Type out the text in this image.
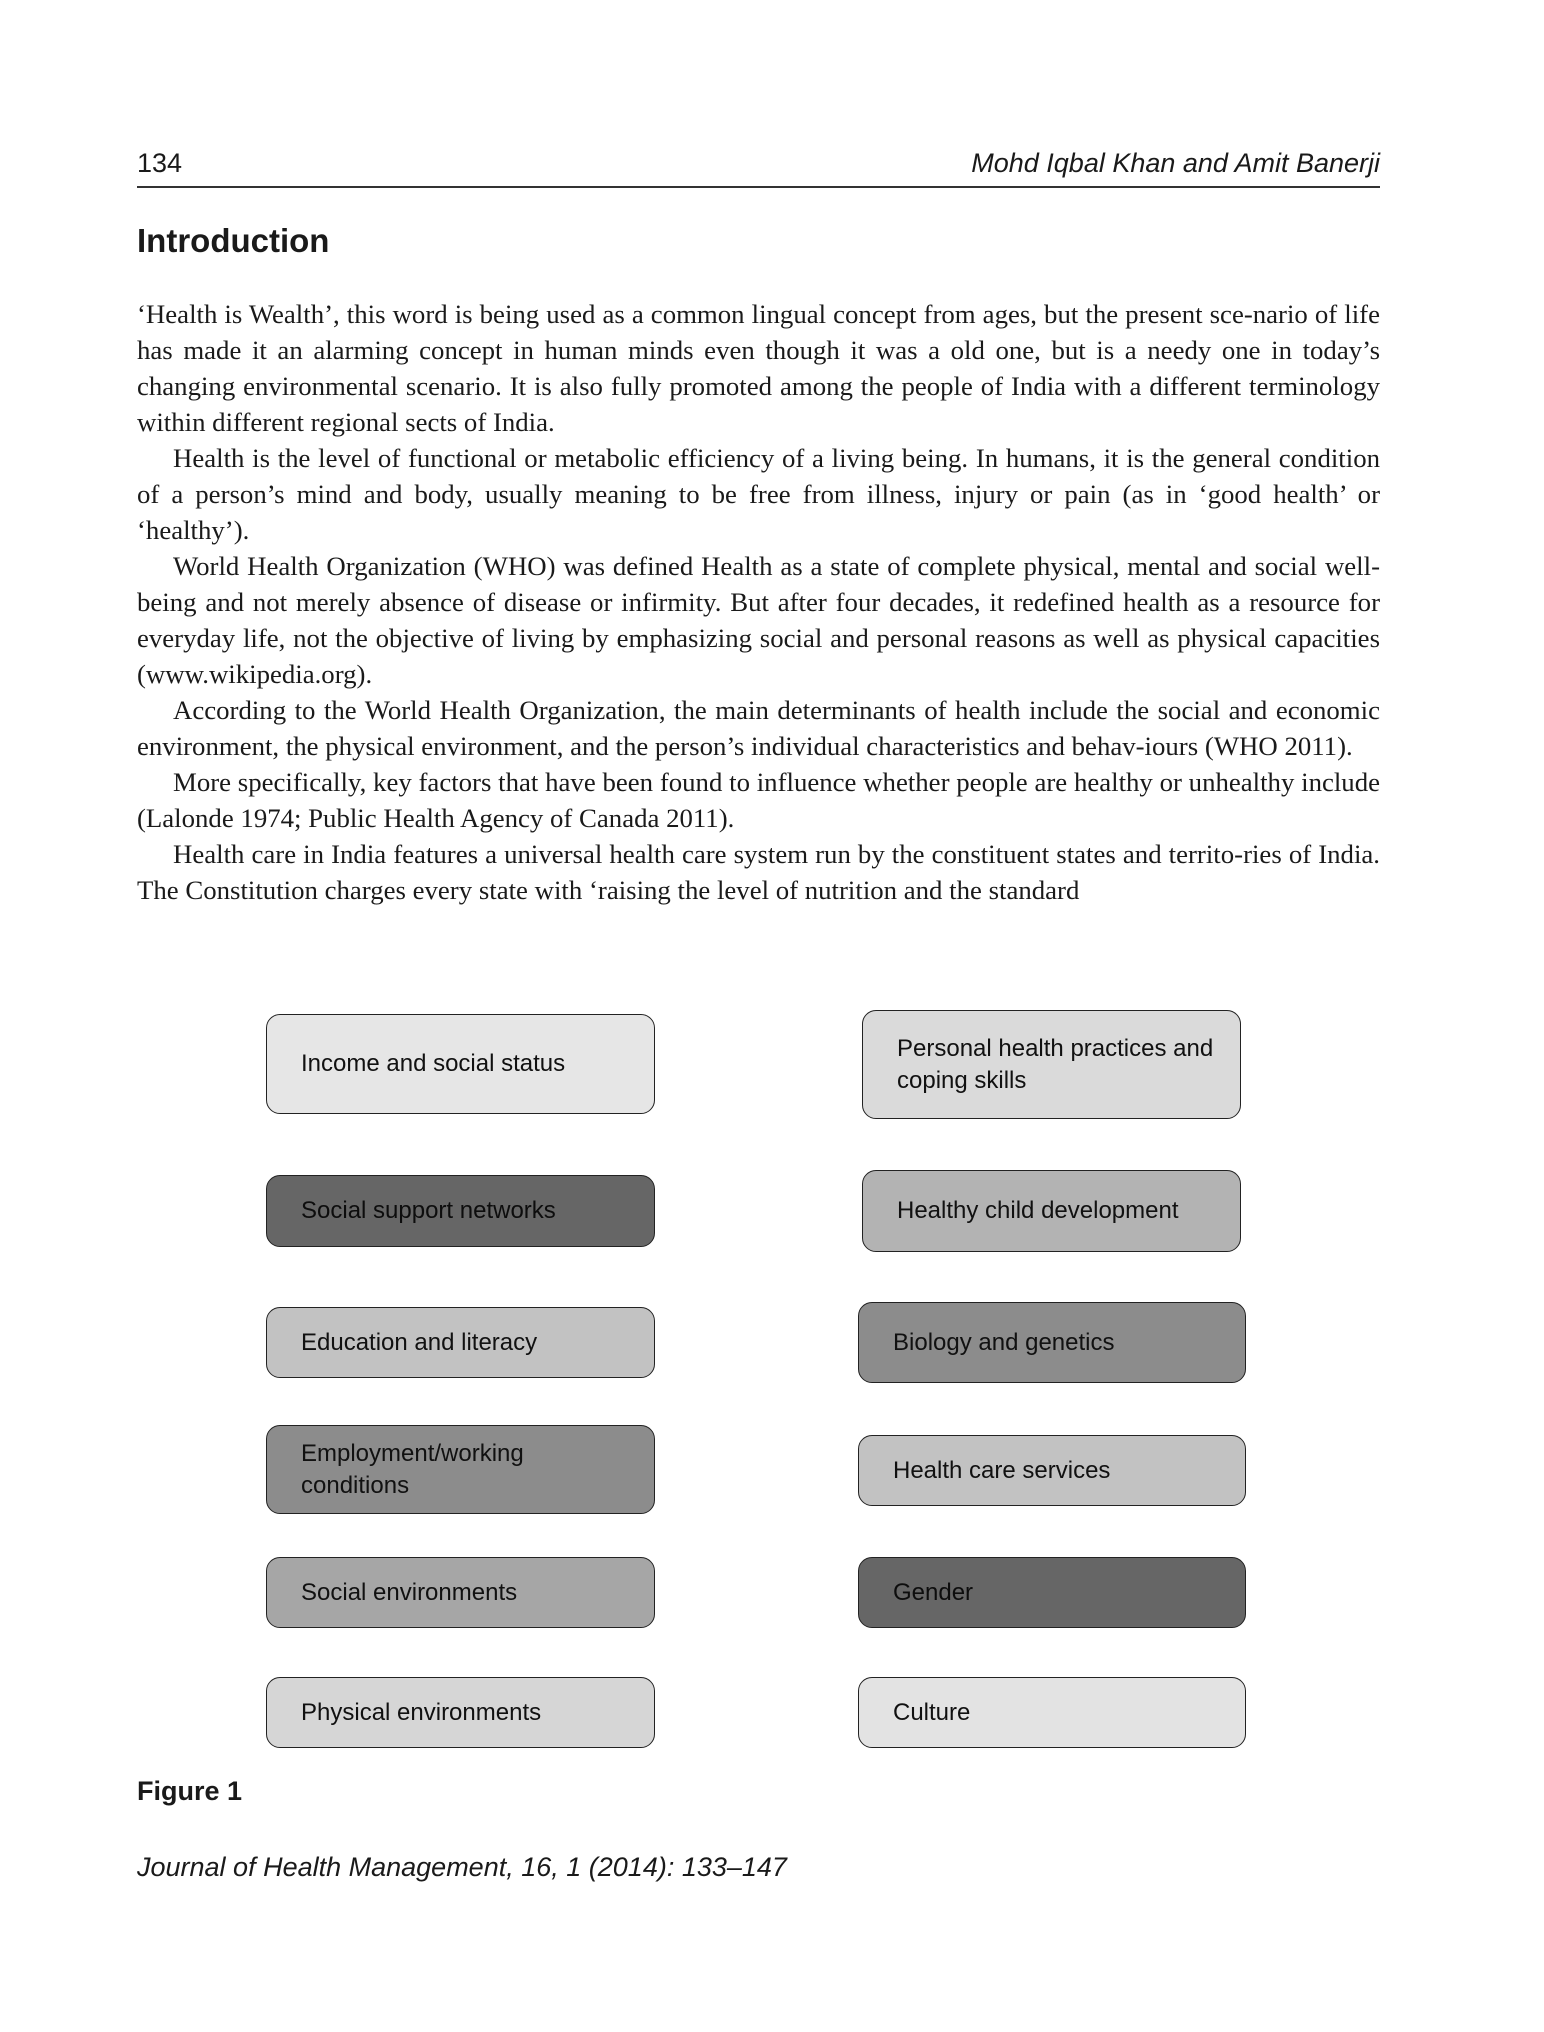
134	Mohd Iqbal Khan and Amit Banerji
Introduction

‘Health is Wealth’, this word is being used as a common lingual concept from ages, but the present sce-nario of life has made it an alarming concept in human minds even though it was a old one, but is a needy one in today’s changing environmental scenario. It is also fully promoted among the people of India with a different terminology within different regional sects of India.

Health is the level of functional or metabolic efficiency of a living being. In humans, it is the general condition of a person’s mind and body, usually meaning to be free from illness, injury or pain (as in ‘good health’ or ‘healthy’).

World Health Organization (WHO) was defined Health as a state of complete physical, mental and social well-being and not merely absence of disease or infirmity. But after four decades, it redefined health as a resource for everyday life, not the objective of living by emphasizing social and personal reasons as well as physical capacities (www.wikipedia.org).

According to the World Health Organization, the main determinants of health include the social and economic environment, the physical environment, and the person’s individual characteristics and behav-iours (WHO 2011).

More specifically, key factors that have been found to influence whether people are healthy or unhealthy include (Lalonde 1974; Public Health Agency of Canada 2011).

Health care in India features a universal health care system run by the constituent states and territo-ries of India. The Constitution charges every state with ‘raising the level of nutrition and the standard

Income and social status
Personal health practices and coping skills
Social support networks	Healthy child development
Education and literacy	Biology and genetics
Employment/working conditions
Health care services
Social environments	Gender
Physical environments	Culture
Figure 1
Journal of Health Management, 16, 1 (2014): 133–147
